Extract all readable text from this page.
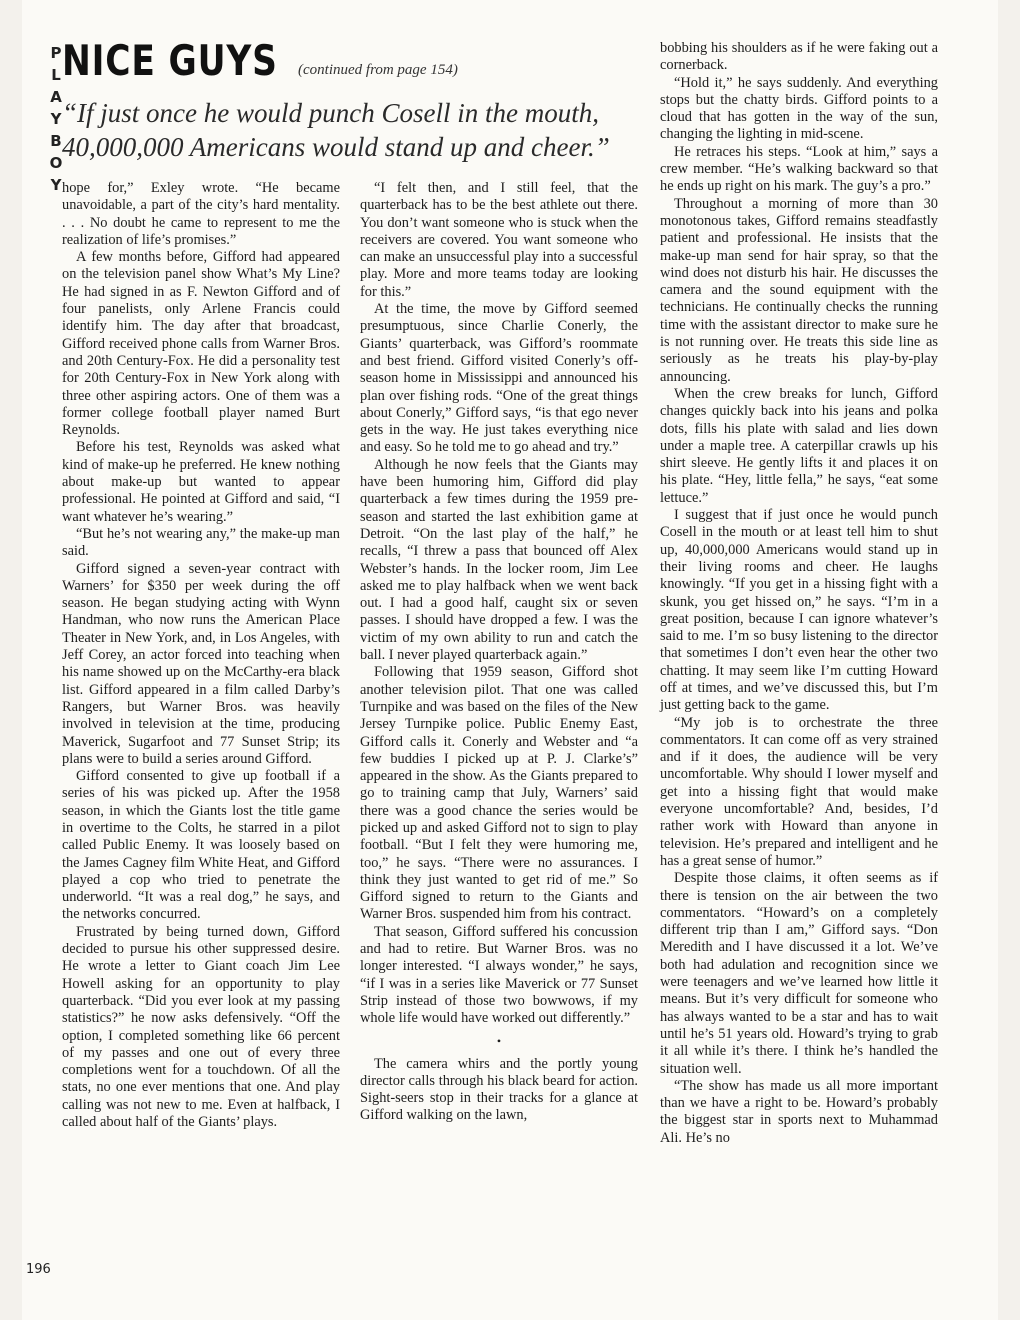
P
L
A
Y
B
O
Y
NICE GUYS (continued from page 154)
“If just once he would punch Cosell in the mouth, 40,000,000 Americans would stand up and cheer.”

hope for,” Exley wrote. “He became unavoidable, a part of the city’s hard mentality. . . . No doubt he came to represent to me the realization of life’s promises.”

A few months before, Gifford had appeared on the television panel show What’s My Line? He had signed in as F. Newton Gifford and of four panelists, only Arlene Francis could identify him. The day after that broadcast, Gifford received phone calls from Warner Bros. and 20th Century-Fox. He did a personality test for 20th Century-Fox in New York along with three other aspiring actors. One of them was a former college football player named Burt Reynolds.

Before his test, Reynolds was asked what kind of make-up he preferred. He knew nothing about make-up but wanted to appear professional. He pointed at Gifford and said, “I want whatever he’s wearing.”

“But he’s not wearing any,” the make-up man said.

Gifford signed a seven-year contract with Warners’ for $350 per week during the off season. He began studying acting with Wynn Handman, who now runs the American Place Theater in New York, and, in Los Angeles, with Jeff Corey, an actor forced into teaching when his name showed up on the McCarthy-era black list. Gifford appeared in a film called Darby’s Rangers, but Warner Bros. was heavily involved in television at the time, producing Maverick, Sugarfoot and 77 Sunset Strip; its plans were to build a series around Gifford.

Gifford consented to give up football if a series of his was picked up. After the 1958 season, in which the Giants lost the title game in overtime to the Colts, he starred in a pilot called Public Enemy. It was loosely based on the James Cagney film White Heat, and Gifford played a cop who tried to penetrate the underworld. “It was a real dog,” he says, and the networks concurred.

Frustrated by being turned down, Gifford decided to pursue his other suppressed desire. He wrote a letter to Giant coach Jim Lee Howell asking for an opportunity to play quarterback. “Did you ever look at my passing statistics?” he now asks defensively. “Off the option, I completed something like 66 percent of my passes and one out of every three completions went for a touchdown. Of all the stats, no one ever mentions that one. And play calling was not new to me. Even at halfback, I called about half of the Giants’ plays.

“I felt then, and I still feel, that the quarterback has to be the best athlete out there. You don’t want someone who is stuck when the receivers are covered. You want someone who can make an unsuccessful play into a successful play. More and more teams today are looking for this.”

At the time, the move by Gifford seemed presumptuous, since Charlie Conerly, the Giants’ quarterback, was Gifford’s roommate and best friend. Gifford visited Conerly’s off-season home in Mississippi and announced his plan over fishing rods. “One of the great things about Conerly,” Gifford says, “is that ego never gets in the way. He just takes everything nice and easy. So he told me to go ahead and try.”

Although he now feels that the Giants may have been humoring him, Gifford did play quarterback a few times during the 1959 pre-season and started the last exhibition game at Detroit. “On the last play of the half,” he recalls, “I threw a pass that bounced off Alex Webster’s hands. In the locker room, Jim Lee asked me to play halfback when we went back out. I had a good half, caught six or seven passes. I should have dropped a few. I was the victim of my own ability to run and catch the ball. I never played quarterback again.”

Following that 1959 season, Gifford shot another television pilot. That one was called Turnpike and was based on the files of the New Jersey Turnpike police. Public Enemy East, Gifford calls it. Conerly and Webster and “a few buddies I picked up at P. J. Clarke’s” appeared in the show. As the Giants prepared to go to training camp that July, Warners’ said there was a good chance the series would be picked up and asked Gifford not to sign to play football. “But I felt they were humoring me, too,” he says. “There were no assurances. I think they just wanted to get rid of me.” So Gifford signed to return to the Giants and Warner Bros. suspended him from his contract.

That season, Gifford suffered his concussion and had to retire. But Warner Bros. was no longer interested. “I always wonder,” he says, “if I was in a series like Maverick or 77 Sunset Strip instead of those two bowwows, if my whole life would have worked out differently.”

•

The camera whirs and the portly young director calls through his black beard for action. Sight-seers stop in their tracks for a glance at Gifford walking on the lawn,

bobbing his shoulders as if he were faking out a cornerback.

“Hold it,” he says suddenly. And everything stops but the chatty birds. Gifford points to a cloud that has gotten in the way of the sun, changing the lighting in mid-scene.

He retraces his steps. “Look at him,” says a crew member. “He’s walking backward so that he ends up right on his mark. The guy’s a pro.”

Throughout a morning of more than 30 monotonous takes, Gifford remains steadfastly patient and professional. He insists that the make-up man send for hair spray, so that the wind does not disturb his hair. He discusses the camera and the sound equipment with the technicians. He continually checks the running time with the assistant director to make sure he is not running over. He treats this side line as seriously as he treats his play-by-play announcing.

When the crew breaks for lunch, Gifford changes quickly back into his jeans and polka dots, fills his plate with salad and lies down under a maple tree. A caterpillar crawls up his shirt sleeve. He gently lifts it and places it on his plate. “Hey, little fella,” he says, “eat some lettuce.”

I suggest that if just once he would punch Cosell in the mouth or at least tell him to shut up, 40,000,000 Americans would stand up in their living rooms and cheer. He laughs knowingly. “If you get in a hissing fight with a skunk, you get hissed on,” he says. “I’m in a great position, because I can ignore whatever’s said to me. I’m so busy listening to the director that sometimes I don’t even hear the other two chatting. It may seem like I’m cutting Howard off at times, and we’ve discussed this, but I’m just getting back to the game.

“My job is to orchestrate the three commentators. It can come off as very strained and if it does, the audience will be very uncomfortable. Why should I lower myself and get into a hissing fight that would make everyone uncomfortable? And, besides, I’d rather work with Howard than anyone in television. He’s prepared and intelligent and he has a great sense of humor.”

Despite those claims, it often seems as if there is tension on the air between the two commentators. “Howard’s on a completely different trip than I am,” Gifford says. “Don Meredith and I have discussed it a lot. We’ve both had adulation and recognition since we were teenagers and we’ve learned how little it means. But it’s very difficult for someone who has always wanted to be a star and has to wait until he’s 51 years old. Howard’s trying to grab it all while it’s there. I think he’s handled the situation well.

“The show has made us all more important than we have a right to be. Howard’s probably the biggest star in sports next to Muhammad Ali. He’s no

196
